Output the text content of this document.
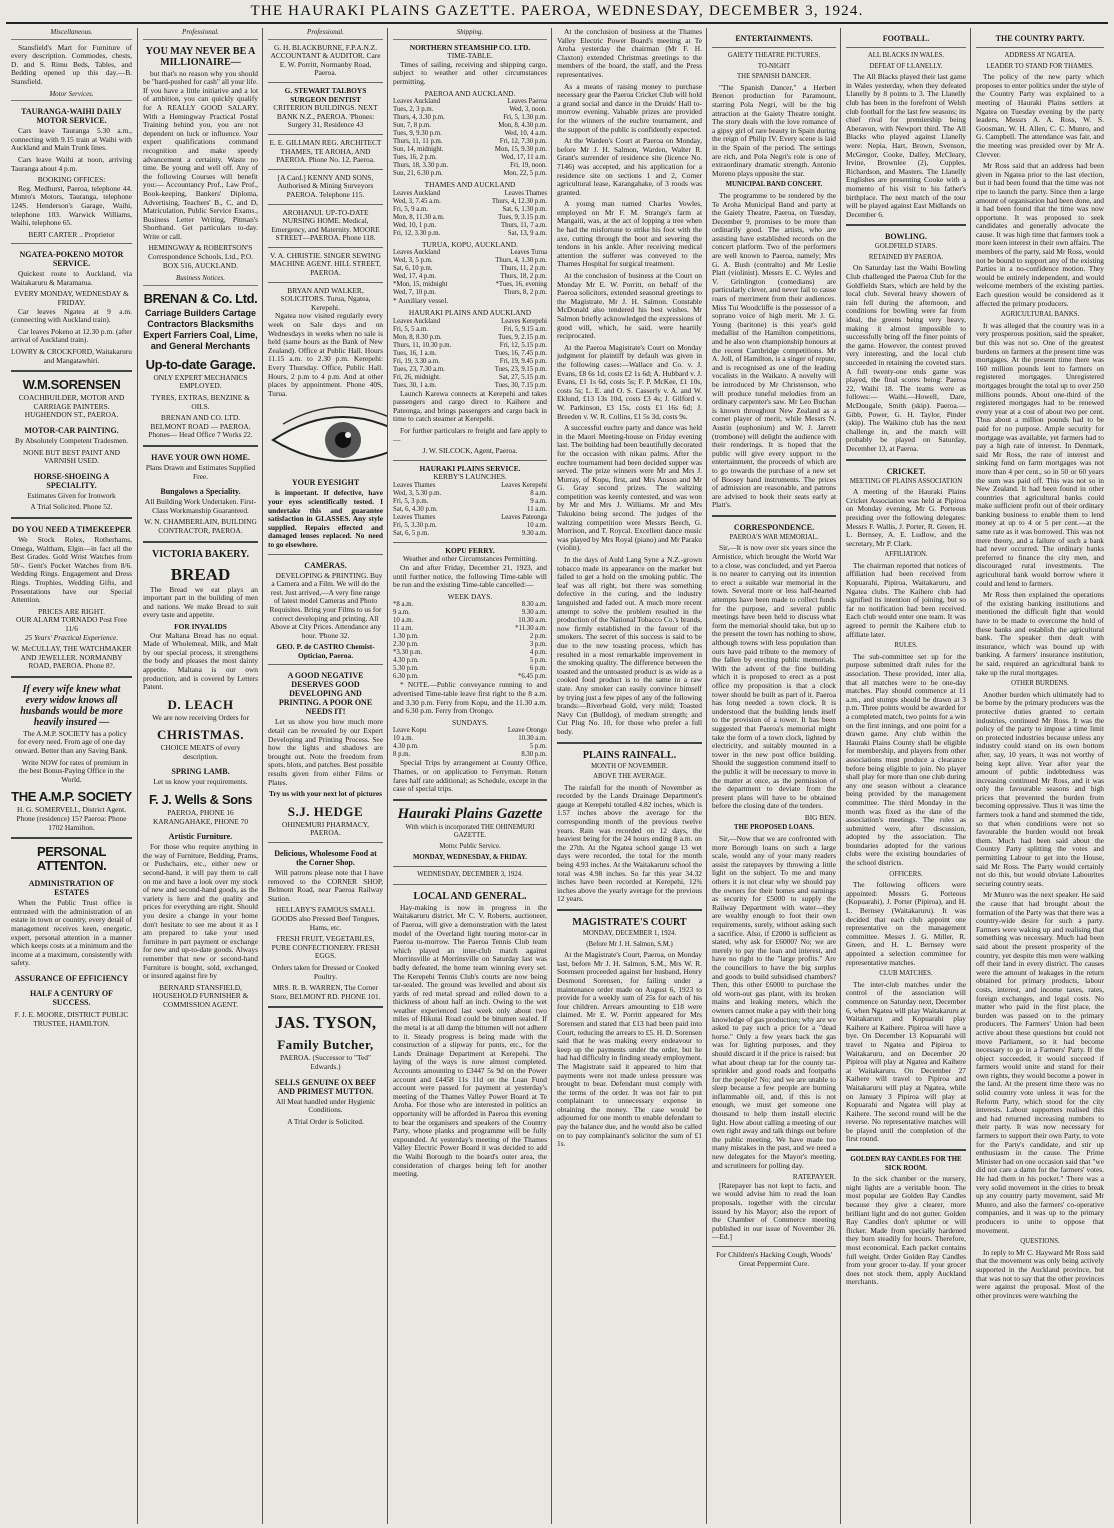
THE HAURAKI PLAINS GAZETTE. PAEROA, WEDNESDAY, DECEMBER 3, 1924.
Miscellaneous.

Stansfield's Mart for Furniture of every description. Commodes, chests, D. and S. Rimu Beds, Tables, and Bedding opened up this day.—B. Stansfield.

Motor Services.
TAURANGA-WAIHI DAILY MOTOR SERVICE.

Cars leave Tauranga 5.30 a.m., connecting with 9.15 train at Waihi with Auckland and Main Trunk lines.

Cars leave Waihi at noon, arriving Tauranga about 4 p.m.

BOOKING OFFICES:

Reg. Medhurst, Paeroa, telephone 44. Munro's Motors, Tauranga, telephone 124S. Henderson's Garage, Waihi, telephone 103. Warwick Williams, Waihi, telephone 65.

BERT CARTER .. Proprietor
NGATEA-POKENO MOTOR SERVICE.

Quickest route to Auckland, via Waitakaruru & Maramarua.

EVERY MONDAY, WEDNESDAY & FRIDAY.

Car leaves Ngatea at 9 a.m. (connecting with Auckland train).

Car leaves Pokeno at 12.30 p.m. (after arrival of Auckland train).

LOWRY & CROCKFORD, Waitakaruru and Mangatawhiri.
W.M.SORENSEN
COACHBUILDER, MOTOR AND CARRIAGE PAINTERS. HUGHENDON ST., PAEROA.
MOTOR-CAR PAINTING.
By Absolutely Competent Tradesmen.
NONE BUT BEST PAINT AND VARNISH USED.
HORSE-SHOEING A SPECIALITY.
Estimates Given for Ironwork
A Trial Solicited. Phone 52.
DO YOU NEED A TIMEKEEPER

We Stock Rolex, Rotherhams, Omega, Waltham, Elgin—in fact all the Best Grades. Gold Wrist Watches from 50/-. Gent's Pocket Watches from 8/6. Wedding Rings. Engagement and Dress Rings. Trophies, Wedding Gifts, and Presentations have our Special Attention.

PRICES ARE RIGHT.
OUR ALARM TORNADO Post Free 11/6
25 Years' Practical Experience.
W. McCULLAY, THE WATCHMAKER AND JEWELLER. NORMANBY ROAD, PAEROA. Phone 8?.
If every wife knew what every widow knows all husbands would be more heavily insured —

The A.M.P. SOCIETY has a policy for every need. From age of one day onward. Better than any Saving Bank.

Write NOW for rates of premium in the best Bonus-Paying Office in the World.

THE A.M.P. SOCIETY
H. G. SOMERVELL, District Agent. Phone (residence) 15? Paeroa: Phone 1702 Hamilton.
PERSONAL ATTENTON.
ADMINISTRATION OF ESTATES

When the Public Trust office is entrusted with the administration of an estate in town or country, every detail of management receives keen, energetic, expert, personal attention in a manner which keeps costs at a minimum and the income at a maximum, consistently with safety.

ASSURANCE OF EFFICIENCY
HALF A CENTURY OF SUCCESS.
F. J. E. MOORE, DISTRICT PUBLIC TRUSTEE, HAMILTON.
Professional.
YOU MAY NEVER BE A MILLIONAIRE—

but that's no reason why you should be "hard-pushed for cash" all your life. If you have a little initiative and a lot of ambition, you can quickly qualify for A REALLY GOOD SALARY. With a Hemingway Practical Postal Training behind you, you are not dependent on luck or influence. Your expert qualifications command recognition and make speedy advancement a certainty. Waste no time. Be young and well off. Any of the following Courses will benefit you:— Accountancy Prof., Law Prof., Book-keeping, Bankers' Diploma, Advertising, Teachers' B., C, and D, Matriculation, Public Service Exams., Business Letter Writing, Pitman's Shorthand. Get particulars to-day. Write or call.

HEMINGWAY & ROBERTSON'S Correspondence Schools, Ltd., P.O. BOX 516, AUCKLAND.
Business Notices.
BRENAN & Co. Ltd.
Carriage Builders Cartage Contractors Blacksmiths Expert Farriers Coal, Lime, and General Merchants
Up-to-date Garage.
ONLY EXPERT MECHANICS EMPLOYED.
TYRES, EXTRAS, BENZINE & OILS.
BRENAN AND CO. LTD. BELMONT ROAD — PAEROA. Phones— Head Office 7 Works 22.
HAVE YOUR OWN HOME.
Plans Drawn and Estimates Supplied Free.
Bungalows a Speciality.
All Building Work Undertaken. First-Class Workmanship Guaranteed.
W. N. CHAMBERLAIN, BUILDING CONTRACTOR, PAEROA.
VICTORIA BAKERY.
BREAD

The Bread we eat plays an important part in the building of men and nations. We make Bread to suit every taste and appetite.

FOR INVALIDS

Our Maltana Bread has no equal. Made of Wholemeal, Milk, and Malt by our special process, it strengthens the body and pleases the most dainty appetite. Maltana is our own production, and is covered by Letters Patent.

D. LEACH
We are now receiving Orders for
CHRISTMAS.
CHOICE MEATS of every description.
SPRING LAMB.
Let us know your requirements.
F. J. Wells & Sons
PAEROA, PHONE 16 KARANGAHAKE, PHONE 70
Artistic Furniture.

For those who require anything in the way of Furniture, Bedding, Prams, or Pushchairs, etc., either new or second-hand, it will pay them to call on me and have a look over my stock of new and second-hand goods, as the variety is here and the quality and prices for everything are right. Should you desire a change in your home don't hesitate to see me about it as I am prepared to take your used furniture in part payment or exchange for new and up-to-date goods. Always remember that new or second-hand Furniture is bought, sold, exchanged, or insured against fire by

BERNARD STANSFIELD, HOUSEHOLD FURNISHER & COMMISSION AGENT.
Professional.
G. H. BLACKBURNE, F.P.A.N.Z. ACCOUNTANT & AUDITOR. Care E. W. Porritt, Normanby Road, Paeroa.
G. STEWART TALBOYS SURGEON DENTIST
CRITERION BUILDINGS. NEXT BANK N.Z., PAEROA. 'Phones: Surgery 31, Residence 43
E. E. GILLMAN REG. ARCHITECT THAMES, TE AROHA, AND PAEROA. Phone No. 12, Paeroa.
[A Card.] KENNY AND SONS, Authorised & Mining Surveyors PAEROA. Telephone 115.
AROHANUI. UP-TO-DATE NURSING HOME. Medical, Emergency, and Maternity. MOORE STREET—PAEROA. Phone 118.
V. A. CHRISTIE. SINGER SEWING MACHINE AGENT. HILL STREET, PAEROA.
BRYAN AND WALKER, SOLICITORS. Turua, Ngatea, Kerepehi.

Ngatea now visited regularly every week on Sale days and on Wednesdays in weeks when no sale is held (same hours as the Bank of New Zealand). Office at Public Hall. Hours 11.15 a.m. to 2.30 p.m. Kerepehi: Every Thursday. Office, Public Hall. Hours, 2 p.m to 4 p.m. And at other places by appointment. Phone 40S, Turua.

YOUR EYESIGHT

is important. If defective, have your eyes scientifically tested. I undertake this and guarantee satisfaction in GLASSES. Any style supplied. Repairs effected and damaged lenses replaced. No need to go elsewhere.

CAMERAS.

DEVELOPING & PRINTING. Buy a Camera and a Film. We will do the rest. Just arrived,—A very fine range of latest model Cameras and Photo Requisites. Bring your Films to us for correct developing and printing. All Above at City Prices. Attendance any hour. 'Phone 32.

GEO. P. de CASTRO Chemist-Optician, Paeroa.
A GOOD NEGATIVE DESERVES GOOD DEVELOPING AND PRINTING. A POOR ONE NEEDS IT!

Let us show you how much more detail can be revealed by our Expert Developing and Printing Process. See how the lights and shadows are brought out. Note the freedom from spots, blots, and patches. Best possible results given from either Films or Plates.

Try us with your next lot of pictures
S.J. HEDGE
OHINEMURI PHARMACY, PAEROA.
Delicious, Wholesome Food at the Corner Shop.

Will patrons please note that I have removed to the CORNER SHOP, Belmont Road, near Paeroa Railway Station.

HELLABY'S FAMOUS SMALL GOODS also Pressed Beef Tongues, Hams, etc.
FRESH FRUIT, VEGETABLES, PURE CONFECTIONERY. FRESH EGGS.
Orders taken for Dressed or Cooked Poultry.
MRS. R. B. WARREN, The Corner Store, BELMONT RD. PHONE 101.
JAS. TYSON,
Family Butcher,
PAEROA. (Successor to "Ted" Edwards.)
SELLS GENUINE OX BEEF AND PRIMEST MUTTON.
All Meat handled under Hygienic Conditions.
A Trial Order is Solicited.
Shipping.
NORTHERN STEAMSHIP CO. LTD.
TIME-TABLE.

Times of sailing, receiving and shipping cargo, subject to weather and other circumstances permitting.

PAEROA AND AUCKLAND.
Leaves Auckland	Leaves Paeroa
Tues, 2, 3 p.m.	Wed, 3, noon.
Thurs, 4, 3.30 p.m.	Fri, 5, 1.30 p.m.
Sun, 7, 8 p.m.	Mon, 8, 4.30 p.m.
Tues, 9, 9.30 p.m.	Wed, 10, 4 a.m.
Thurs, 11, 11 p.m.	Fri, 12, 7.30 p.m.
Sun, 14, midnight.	Mon, 15, 9.30 p.m.
Tues, 16, 2 p.m.	Wed, 17, 11 a.m.
Thurs, 18, 3.30 p.m.	Fri, 19, noon.
Sun, 21, 6.30 p.m.	Mon, 22, 5 p.m.
THAMES AND AUCKLAND
Leaves Auckland	Leaves Thames
Wed, 3, 7.45 a.m.	Thurs, 4, 12.30 p.m.
Fri, 5, 9 a.m.	Sat, 6, 1.30 p.m.
Mon, 8, 11.30 a.m.	Tues, 9, 3.15 p.m.
Wed, 10, 1 p.m.	Thurs, 11, 7 a.m.
Fri, 12, 3.30 p.m.	Sat, 13, 9 a.m.
TURUA, KOPU, AUCKLAND.
Leaves Auckland	Leaves Turua
Wed, 3, 5 p.m.	Thurs, 4, 1.30 p.m.
Sat, 6, 10 p.m.	Thurs, 11, 2 p.m.
Wed, 17, 4 p.m.	Thurs, 18, 2 p.m.
*Mon, 15, midnight	*Tues, 16, evening
Wed, 7, 10 p.m.	Thurs, 8, 2 p.m.
* Auxiliary vessel.
HAURAKI PLAINS AND AUCKLAND
Leaves Auckland	Leaves Kerepehi
Fri, 5, 5 a.m.	Fri, 5, 9.15 a.m.
Mon, 8, 8.30 p.m.	Tues, 9, 2.15 p.m.
Thurs, 11, 10.30 p.m.	Fri, 12, 5.15 p.m.
Tues, 16, 1 a.m.	Tues, 16, 7.45 p.m.
Fri, 19, 3.30 a.m.	Fri, 19, 9.45 p.m.
Tues, 23, 7.30 a.m.	Tues, 23, 9.15 p.m.
Fri, 26, midnight.	Sat, 27, 5.15 p.m.
Tues, 30, 1 a.m.	Tues, 30, 7.15 p.m.

Launch Karewa connects at Kerepehi and takes passengers and cargo direct to Kaihere and Pateonga, and brings passengers and cargo back in time to catch steamer at Kerepehi.

For further particulars re freight and fare apply to—

J. W. SILCOCK, Agent, Paeroa.
HAURAKI PLAINS SERVICE.
KERBY'S LAUNCHES.
Leaves Thames	Leaves Kerepehi
Wed, 3, 5.30 p.m.	8 a.m.
Fri, 5, 3 p.m.	9 a.m.
Sat, 6, 4.30 p.m.	11 a.m.
Leaves Thames	Leaves Pateonga
Fri, 5, 3.30 p.m.	10 a.m.
Sat, 6, 5 p.m.	9.30 a.m.
KOPU FERRY.
Weather and other Circumstances Permitting.

On and after Friday, December 21, 1923, and until further notice, the following Time-table will be run and the existing Time-table cancelled:—

WEEK DAYS.
*8 a.m.	8.30 a.m.
9 a.m.	9.30 a.m.
10 a.m.	10.30 a.m.
11 a.m.	*11.30 a.m.
1.30 p.m.	2 p.m.
2.30 p.m.	3 p.m.
*3.30 p.m.	4 p.m.
4.30 p.m.	5 p.m.
5.30 p.m.	6 p.m.
6.30 p.m.	*6.45 p.m.

* NOTE.—Public conveyance running to and advertised Time-table leave first right to the 8 a.m. and 3.30 p.m. Ferry from Kopu, and the 11.30 a.m. and 6.30 p.m. Ferry from Orongo.

SUNDAYS.
Leave Kopu	Leave Orongo
10 a.m.	10.30 a.m.
4.30 p.m.	5 p.m.
8 p.m.	8.30 p.m.

Special Trips by arrangement at County Office, Thames, or on application to Ferryman. Return fares half rate additional; as Schedule, except in the case of special trips.

Hauraki Plains Gazette
With which is incorporated THE OHINEMURI GAZETTE.
Motto: Public Service.
MONDAY, WEDNESDAY, & FRIDAY.
WEDNESDAY, DECEMBER 3, 1924.
LOCAL AND GENERAL.

Hay-making is now in progress in the Waitakaruru district. Mr C. V. Roberts, auctioneer, of Paeroa, will give a demonstration with the latest model of the Overland light touring motor-car in Paeroa to-morrow. The Paeroa Tennis Club team which played an inter-club match against Morrinsville at Morrinsville on Saturday last was badly defeated, the home team winning every set. The Kerepehi Tennis Club's courts are now being tar-sealed. The ground was levelled and about six yards of red metal spread and rolled down to a thickness of about half an inch. Owing to the wet weather experienced last week only about two miles of Hikutai Road could be bitumen sealed. If the metal is at all damp the bitumen will not adhere to it. Steady progress is being made with the construction of a slipway for punts, etc., for the Lands Drainage Department at Kerepehi. The laying of the ways is now almost completed. Accounts amounting to £3447 5s 9d on the Power account and £4458 11s 11d on the Loan Fund account were passed for payment at yesterday's meeting of the Thames Valley Power Board at Te Aroha. For those who are interested in politics an opportunity will be afforded in Paeroa this evening to hear the organisers and speakers of the Country Party, whose planks and programme will be fully expounded. At yesterday's meeting of the Thames Valley Electric Power Board it was decided to add the Waihi Borough to the board's outer area, the consideration of charges being left for another meeting.

At the conclusion of business at the Thames Valley Electric Power Board's meeting at Te Aroha yesterday the chairman (Mr F. H. Claxton) extended Christmas greetings to the members of the board, the staff, and the Press representatives.

As a means of raising money to purchase necessary gear the Paeroa Cricket Club will hold a grand social and dance in the Druids' Hall to-morrow evening. Valuable prizes are provided for the winners of the euchre tournament, and the support of the public is confidently expected.

At the Warden's Court at Paeroa on Monday, before Mr J. H. Salmon, Warden, Walter R. Grant's surrender of residence site (licence No. 7146) was accepted, and his application for a residence site on sections 1 and 2, Comer agricultural lease, Karangahake, of 3 roods was granted.

A young man named Charles Vowles, employed on Mr F. M. Strange's farm at Mangaiti, was, at the act of lopping a tree when he had the misfortune to strike his foot with the axe, cutting through the boot and severing the tendons in his ankle. After receiving medical attention the sufferer was conveyed to the Thames Hospital for surgical treatment.

At the conclusion of business at the Court on Monday Mr E. W. Porritt, on behalf of the Paeroa solicitors, extended seasonal greetings to the Magistrate, Mr J. H. Salmon. Constable McDonald also tendered his best wishes. Mr Salmon briefly acknowledged the expressions of good will, which, he said, were heartily reciprocated.

At the Paeroa Magistrate's Court on Monday judgment for plaintiff by default was given in the following cases:—Wallace and Co. v. J. Evans, £8 6s 1d, costs £2 1s 6d; A. Hubbard v. J. Evans, £1 1s 6d, costs 5s; F. P. McKee, £1 10s, costs 5s; L. E. and O. S. Casserly v. A. and W. Eklund, £13 13s 10d, costs £3 4s; J. Gilford v. W. Parkinson, £3 15s, costs £1 16s 6d; J. Breeden v. W. R. Collins, £1 5s 3d, costs 9s.

A successful euchre party and dance was held in the Maori Meeting-house on Friday evening last. The building had been beautifully decorated for the occasion with nikau palms. After the euchre tournament had been decided supper was served. The prize winners were Mr and Mrs J. Murray, of Kopu, first, and Mrs Anson and Mr G. Gray second prizes. The waltzing competition was keenly contested, and was won by Mr and Mrs J. Williams. Mr and Mrs Tukukino being second. The judges of the waltzing competition were Messrs Beech, G. Morrison, and T. Roycal. Excellent dance music was played by Mrs Royal (piano) and Mr Paraku (violin).

In the days of Auld Lang Syne a N.Z.-grown tobacco made its appearance on the market but failed to get a hold on the smoking public. The leaf was all right, but there was something defective in the curing, and the industry languished and faded out. A much more recent attempt to solve the problem resulted in the production of the National Tobacco Co.'s brands, now firmly established in the favour of the smokers. The secret of this success is said to be due to the new toasting process, which has resulted in a most remarkable improvement in the smoking quality. The difference between the toasted and the untoasted product is as wide as a cooked food product is to the same in a raw state. Any smoker can easily convince himself by trying just a few pipes of any of the following brands:—Riverhead Gold, very mild; Toasted Navy Cut (Bulldog), of medium strength; and Cut Plug No. 10, for those who prefer a full body.

PLAINS RAINFALL.
MONTH OF NOVEMBER.
ABOVE THE AVERAGE.

The rainfall for the month of November as recorded by the Lands Drainage Department's gauge at Kerepehi totalled 4.82 inches, which is 1.57 inches above the average for the corresponding month of the previous twelve years. Rain was recorded on 12 days, the heaviest being for the 24 hours ending 8 a.m. on the 27th. At the Ngatea school gauge 13 wet days were recorded, the total for the month being 4.93 inches. At the Waitakaruru school the total was 4.98 inches. So far this year 34.32 inches have been recorded at Kerepehi, 12¾ inches above the yearly average for the previous 12 years.

MAGISTRATE'S COURT
MONDAY, DECEMBER 1, 1924.
(Before Mr J. H. Salmon, S.M.)

At the Magistrate's Court, Paeroa, on Monday last, before Mr J. H. Salmon, S.M., Mrs W. R. Sorensen proceeded against her husband, Henry Desmond Sorensen, for failing under a maintenance order made on August 6, 1923 to provide for a weekly sum of 25s for each of his four children. Arrears amounting to £18 were claimed. Mr E. W. Porritt appeared for Mrs Sorensen and stated that £13 had been paid into Court, reducing the arrears to £5. H. D. Sorensen said that he was making every endeavour to keep up the payments under the order, but he had had difficulty in finding steady employment. The Magistrate said it appeared to him that payments were not made unless pressure was brought to bear. Defendant must comply with the terms of the order. It was not fair to put complainant to unnecessary expense in obtaining the money. The case would be adjourned for one month to enable defendant to pay the balance due, and he would also be called on to pay complainant's solicitor the sum of £1 1s.

ENTERTAINMENTS.
GAIETY THEATRE PICTURES.
TO-NIGHT
THE SPANISH DANCER.

"The Spanish Dancer," a Herbert Brenon production for Paramount, starring Pola Negri, will be the big attraction at the Gaiety Theatre tonight. The story deals with the love romance of a gipsy girl of rare beauty in Spain during the reign of Philip IV. Every scene is laid in the Spain of the period. The settings are rich, and Pola Negri's role is one of extraordinary dramatic strength. Antonio Moreno plays opposite the star.

MUNICIPAL BAND CONCERT.

The programme to be rendered by the Te Aroha Municipal Band and party at the Gaiety Theatre, Paeroa, on Tuesday, December 9, promises to be more than ordinarily good. The artists, who are assisting have established records on the concert platform. Two of the performers are well known to Paeroa, namely; Mrs G. A. Bush (contralto) and Mr Leslie Platt (violinist). Messrs E. C. Wyles and V. Grinlington (comedians) are particularly clever, and never fail to cause roars of merriment from their audiences. Miss Tui Woodcliffe is the possessor of a soprano voice of high merit. Mr J. G. Young (baritone) is this year's gold medallist of the Hamilton competitions, and he also won championship honours at the recent Cambridge competitions. Mr A. Joll, of Hamilton, is a singer of repute, and is recognised as one of the leading vocalists in the Waikato. A novelty will be introduced by Mr Christenson, who will produce tuneful melodies from an ordinary carpenter's saw. Mr Leo Buchan is known throughout New Zealand as a cornet player of merit, while Messrs N. Austin (euphonium) and W. J. Jarrett (trombone) will delight the audience with their renderings. It is hoped that the public will give every support to the entertainment, the proceeds of which are to go towards the purchase of a new set of Boosey band instruments. The prices of admission are reasonable, and patrons are advised to book their seats early at Platt's.

CORRESPONDENCE.
PAEROA'S WAR MEMORIAL.

Sir,—It is now over six years since the Armistice, which brought the World War to a close, was concluded, and yet Paeroa is no nearer to carrying out its intention to erect a suitable war memorial in the town. Several more or less half-hearted attempts have been made to collect funds for the purpose, and several public meetings have been held to discuss what form the memorial should take, but up to the present the town has nothing to show, although towns with less population than ours have paid tribute to the memory of the fallen by erecting public memorials. With the advent of the fine building which it is proposed to erect as a post office my proposition is that a clock tower should be built as part of it. Paeroa has long needed a town clock. It is understood that the building lends itself to the provision of a tower. It has been suggested that Paeroa's memorial might take the form of a town clock, lighted by electricity, and suitably mounted in a tower in the new post office building. Should the suggestion commend itself to the public it will be necessary to move in the matter at once, as the permission of the department to deviate from the present plans will have to be obtained before the closing date of the tenders.

BIG BEN.
THE PROPOSED LOANS.

Sir,—Now that we are confronted with more Borough loans on such a large scale, would any of your many readers assist the ratepayers by throwing a little light on the subject. To me and many others it is not clear why we should pay the owners for their homes and earnings as security for £5000 to supply the Railway Department with water—they are wealthy enough to foot their own requirements, surely, without asking such a sacrifice. Also, if £2000 is sufficient as stated, why ask for £6000? No; we are merely to pay the loan and interest, and have no right to the "large profits." Are the councillors to have the big surplus and goods to build subsidised chambers? Then, this other £6000 to purchase the old worn-out gas plant, with its broken mains and leaking meters, which the owners cannot make a pay with their long knowledge of gas production; why are we asked to pay such a price for a "dead horse." Only a few years back the gas was for lighting purposes, and they should discard it if the price is raised: but what about cheap tar for the county tar-sprinkler and good roads and footpaths for the people? No; and we are unable to sleep because a few people are burning inflammable oil, and, if this is not enough, we must get someone one thousand to help them install electric light. How about calling a meeting of our own right away and talk things out before the public meeting. We have made too many mistakes in the past, and we need a new delegates for the Mayor's meeting, and scrutineers for polling day.

RATEPAYER.

[Ratepayer has not kept to facts, and we would advise him to read the loan proposals, together with the circular issued by his Mayor; also the report of the Chamber of Commerce meeting published in our issue of November 26.—Ed.]

For Children's Hacking Cough, Woods' Great Peppermint Cure.
FOOTBALL.
ALL BLACKS IN WALES.
DEFEAT OF LLANELLY.

The All Blacks played their last game in Wales yesterday, when they defeated Llanelly by 8 points to 3. The Llanelly club has been in the forefront of Welsh club football for the last few seasons; its chief rival for premiership being Aberavon, with Newport third. The All Blacks who played against Llanelly were: Nepia, Hart, Brown, Svenson, McGregor, Cooke, Dalley, McCleary, Irvine, Brownlee (2), Cupples, Richardson, and Masters. The Llanelly Englishes are presenting Cooke with a momento of his visit to his father's birthplace. The next match of the tour will be played against East Midlands on December 6.

BOWLING.
GOLDFIELD STARS.
RETAINED BY PAEROA.

On Saturday last the Waihi Bowling Club challenged the Paeroa Club for the Goldfields Stars, which are held by the local club. Several heavy showers of rain fell during the afternoon, and conditions for bowling were far from ideal, the greens being very heavy, making it almost impossible to successfully bring off the finer points of the game. However, the contest proved very interesting, and the local club succeeded in retaining the coveted stars. A full twenty-one ends game was played, the final scores being: Paeroa 22, Waihi 18. The teams were as follows:— Waihi.—Howell, Dare, McDougale, Smith (skip). Paeroa.—Gibb, Power, G. H. Taylor, Pinder (skip). The Waikino club has the next challenge in, and the match will probably be played on Saturday, December 13, at Paeroa.

CRICKET.
MEETING OF PLAINS ASSOCIATION

A meeting of the Hauraki Plains Cricket Association was held at Pipiroa on Monday evening, Mr G. Porteous presiding over the following delegates: Messrs F. Wallis, J. Porter, R. Green, H. L. Bernsey, A. E. Ludlow, and the secretary, Mr P. Clark.

AFFILIATION.

The chairman reported that notices of affiliation had been received from Kopuarahi, Pipiroa, Waitakaruru, and Ngatea clubs. The Kaihere club had signified its intention of joining, but so far no notification had been received. Each club would enter one team. It was agreed to permit the Kaihere club to affiliate later.

RULES.

The sub-committee set up for the purpose submitted draft rules for the association. These provided, inter alia, that all matches were to be one-day matches. Play should commence at 11 a.m., and stumps should be drawn at 3 p.m. Three points would be awarded for a completed match, two points for a win on the first innings, and one point for a drawn game. Any club within the Hauraki Plains County shall be eligible for membership, and players from other associations must produce a clearance before being eligible to join. No player shall play for more than one club during any one season without a clearance being provided by the management committee. The third Monday in the month was fixed as the date of the association's meetings. The rules as submitted were, after discussion, adopted by the association. The boundaries adopted for the various clubs were the existing boundaries of the school districts.

OFFICERS.

The following officers were appointed: Messrs G. Porteous (Kopuarahi), J. Porter (Pipiroa), and H. L. Bernsey (Waitakaruru). It was decided that each club appoint one representative on the management committee. Messrs J. G. Miller, R. Green, and H. L. Bernsey were appointed a selection committee for representative matches.

CLUB MATCHES.

The inter-club matches under the control of the association will commence on Saturday next, December 6, when Ngatea will play Waitakaruru at Waitakaruru and Kopuarahi play Kaihere at Kaihere. Pipiroa will have a bye. On December 13 Kopuarahi will travel to Ngatea and Pipiroa to Waitakaruru, and on December 20 Pipiroa will play at Ngatea and Kaihere at Waitakaruru. On December 27 Kaihere will travel to Pipiroa and Waitakaruru will play at Ngatea, while on January 3 Pipiroa will play at Kopuarahi and Ngatea will play at Kaihere. The second round will be the reverse. No representative matches will be played until the completion of the first round.

GOLDEN RAY CANDLES FOR THE SICK ROOM.

In the sick chamber or the nursery, night lights are a veritable boon. The most popular are Golden Ray Candles because they give a clearer, more brilliant light and do not gutter. Golden Ray Candles don't splutter or will flicker. Made from specially hardened they burn steadily for hours. Therefore, most economical. Each packet contains full weight. Order Golden Ray Candles from your grocer to-day. If your grocer does not stock them, apply Auckland merchants.

THE COUNTRY PARTY.
ADDRESS AT NGATEA.
LEADER TO STAND FOR THAMES.

The policy of the new party which proposes to enter politics under the style of the Country Party was explained to a meeting of Hauraki Plains settlers at Ngatea on Tuesday evening by the party leaders, Messrs A. A. Ross, W. S. Goosman, W. H. Allen, C. C. Munro, and G. Campbell. The attendance was fair, and the meeting was presided over by Mr A. Clevver.

Mr Ross said that an address had been given in Ngatea prior to the last election, but it had been found that the time was not ripe to launch the party. Since then a large amount of organisation had been done, and it had been found that the time was now opportune. It was proposed to seek candidates and generally advocate the cause. It was high time that farmers took a more keen interest in their own affairs. The members of the party, said Mr Ross, would not be bound to support any of the existing Parties in a no-confidence motion. They would be entirely independent, and would welcome members of the existing parties. Each question would be considered as it affected the primary producers.

AGRICULTURAL BANKS.

It was alleged that the country was in a very prosperous position, said the speaker, but this was not so. One of the greatest burdens on farmers at the present time was mortgages. At the present time there was 160 million pounds lent to farmers on registered mortgages. Unregistered mortgages brought the total up to over 250 millions pounds. About one-third of the registered mortgages had to be renewed every year at a cost of about two per cent. Thus about a million pounds had to be paid for no purpose. Ample security for mortgage was available, yet farmers had to pay a high rate of interest. In Denmark, said Mr Ross, the rate of interest and sinking fund on farm mortgages was not more than 4 per cent., so in 50 or 60 years the sum was paid off. This was not so in New Zealand. It had been found in other countries that agricultural banks could make sufficient profit out of their ordinary banking business to enable them to lend money at up to 4 or 5 per cent.—at the same rate as it was borrowed. This was not mere theory, and a failure of such a bank had never occurred. The ordinary banks preferred to finance the city men, and discouraged rural investments. The agricultural bank would borrow where it could and lend to farmers.

Mr Ross then explained the operations of the existing banking institutions and mentioned the difficult fight that would have to be made to overcome the hold of these banks and establish the agricultural bank. The speaker then dealt with insurance, which was bound up with banking. A farmers' insurance institution, he said, required an agricultural bank to take up the rural mortgages.

OTHER BURDENS.

Another burden which ultimately had to be borne by the primary producers was the protective duties granted to certain industries, continued Mr Ross. It was the policy of the party to impose a time limit on protected industries because unless any industry could stand on its own bottom after, say, 10 years, it was not worthy of being kept alive. Year after year the amount of public indebtedness was increasing continued Mr Ross, and it was only the favourable seasons and high prices that prevented the burden from becoming oppressive. Thus it was time the farmers took a hand and stemmed the tide, so that when conditions were not so favourable the burden would not break them. Much had been said about the Country Party splitting the votes and permitting Labour to get into the House, said Mr Ross. The Party would certainly not do this, but would obviate Labourites securing country seats.

Mr Munro was the next speaker. He said the cause that had brought about the formation of the Party was that there was a country-wide desire for such a party. Farmers were waking up and realising that something was necessary. Much had been said about the present prosperity of the country, yet despite this men were walking off their land in every district. The causes were the amount of leakages in the return obtained for primary products, labour costs, interest, and income taxes, rates, foreign exchanges, and legal costs. No matter who paid in the first place, the burden was passed on to the primary producers. The Farmers' Union had been active about these questions but could not move Parliament, so it had become necessary to go in a Farmers' Party. If the object succeeded, it would succeed if farmers would unite and stand for their own rights, they would become a power in the land. At the present time there was no solid country vote unless it was for the Reform Party, which stood for the city interests. Labour supporters realised this and had returned increasing numbers to their party. It was now necessary for farmers to support their own Party, to vote for the Party's candidate, and stir up enthusiasm in the cause. The Prime Minister had on one occasion said that "we did not care a damn for the farmers' votes. He had them in his pocket." There was a very solid movement in the cities to break up any country party movement, said Mr Munro, and also the farmers' co-operative companies, and it was up to the primary producers to unite to oppose that movement.

QUESTIONS.

In reply to Mr C. Hayward Mr Ross said that the movement was only being actively supported in the Auckland province, but that was not to say that the other provinces were against the proposal. Most of the other provinces were watching the
